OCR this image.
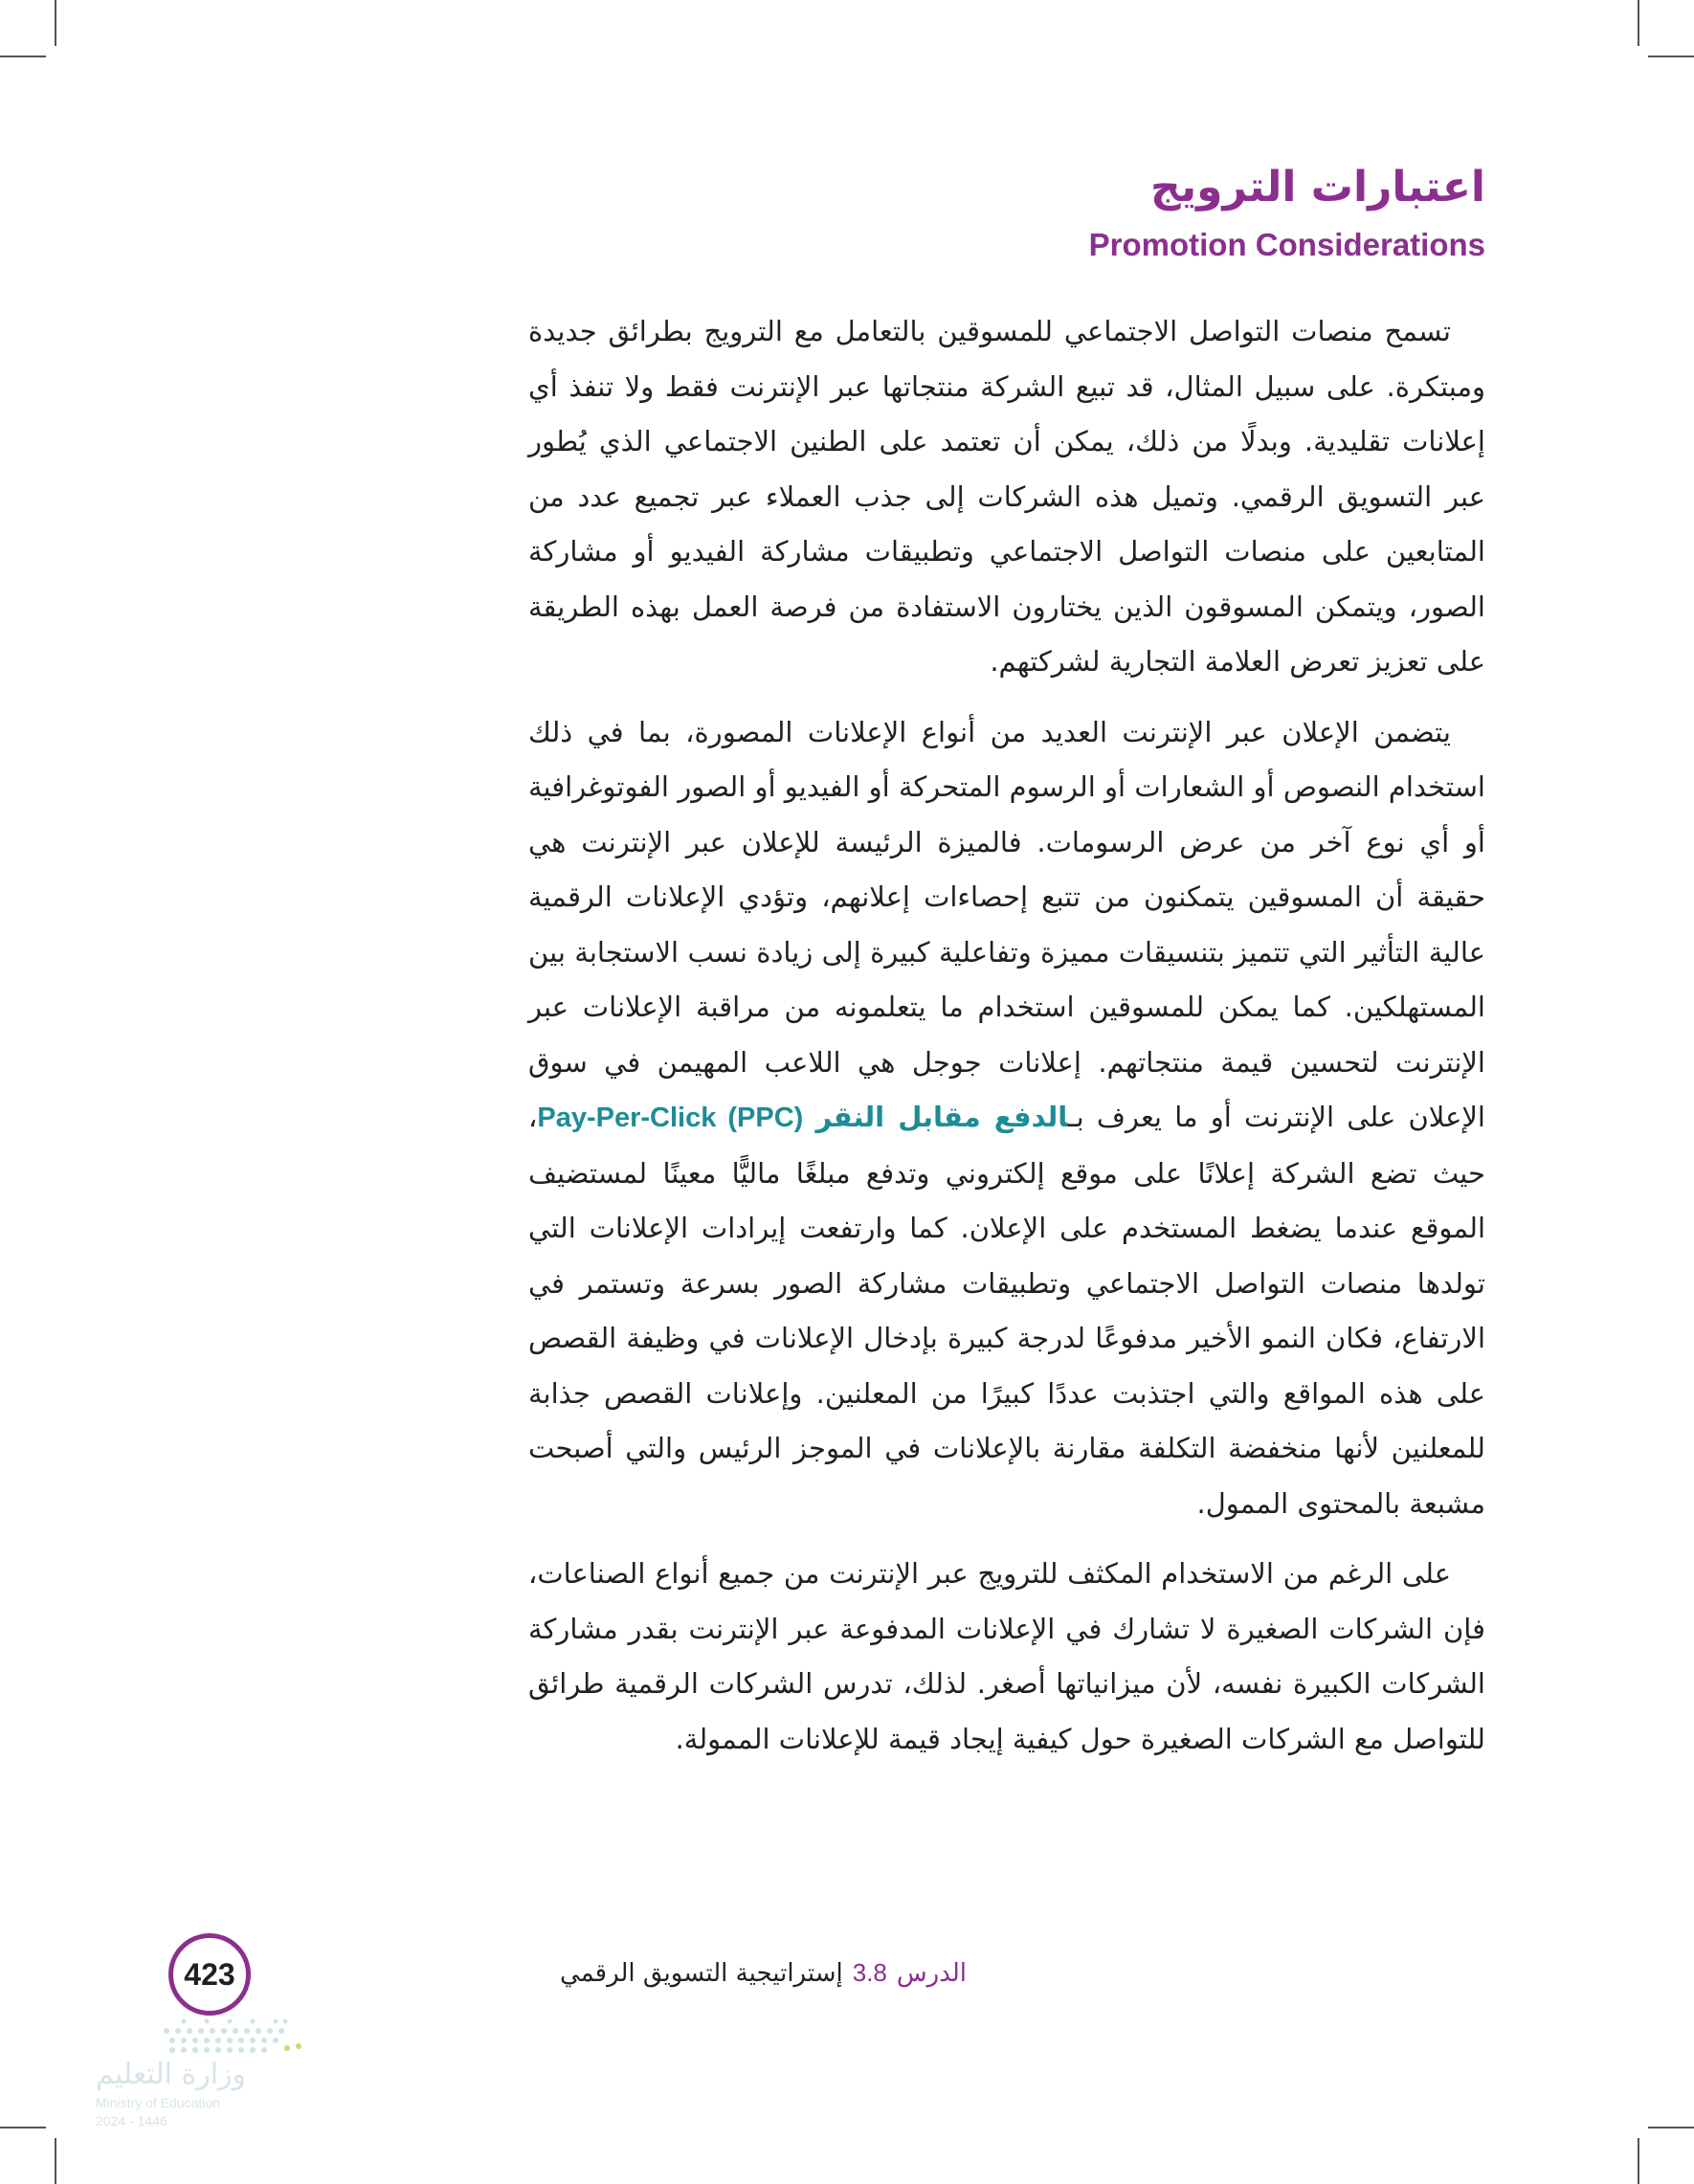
اعتبارات الترويج
Promotion Considerations

تسمح منصات التواصل الاجتماعي للمسوقين بالتعامل مع الترويج بطرائق جديدة ومبتكرة. على سبيل المثال، قد تبيع الشركة منتجاتها عبر الإنترنت فقط ولا تنفذ أي إعلانات تقليدية. وبدلًا من ذلك، يمكن أن تعتمد على الطنين الاجتماعي الذي يُطور عبر التسويق الرقمي. وتميل هذه الشركات إلى جذب العملاء عبر تجميع عدد من المتابعين على منصات التواصل الاجتماعي وتطبيقات مشاركة الفيديو أو مشاركة الصور، ويتمكن المسوقون الذين يختارون الاستفادة من فرصة العمل بهذه الطريقة على تعزيز تعرض العلامة التجارية لشركتهم.

يتضمن الإعلان عبر الإنترنت العديد من أنواع الإعلانات المصورة، بما في ذلك استخدام النصوص أو الشعارات أو الرسوم المتحركة أو الفيديو أو الصور الفوتوغرافية أو أي نوع آخر من عرض الرسومات. فالميزة الرئيسة للإعلان عبر الإنترنت هي حقيقة أن المسوقين يتمكنون من تتبع إحصاءات إعلانهم، وتؤدي الإعلانات الرقمية عالية التأثير التي تتميز بتنسيقات مميزة وتفاعلية كبيرة إلى زيادة نسب الاستجابة بين المستهلكين. كما يمكن للمسوقين استخدام ما يتعلمونه من مراقبة الإعلانات عبر الإنترنت لتحسين قيمة منتجاتهم. إعلانات جوجل هي اللاعب المهيمن في سوق الإعلان على الإنترنت أو ما يعرف بـالدفع مقابل النقر Pay-Per-Click (PPC)، حيث تضع الشركة إعلانًا على موقع إلكتروني وتدفع مبلغًا ماليًّا معينًا لمستضيف الموقع عندما يضغط المستخدم على الإعلان. كما وارتفعت إيرادات الإعلانات التي تولدها منصات التواصل الاجتماعي وتطبيقات مشاركة الصور بسرعة وتستمر في الارتفاع، فكان النمو الأخير مدفوعًا لدرجة كبيرة بإدخال الإعلانات في وظيفة القصص على هذه المواقع والتي اجتذبت عددًا كبيرًا من المعلنين. وإعلانات القصص جذابة للمعلنين لأنها منخفضة التكلفة مقارنة بالإعلانات في الموجز الرئيس والتي أصبحت مشبعة بالمحتوى الممول.

على الرغم من الاستخدام المكثف للترويج عبر الإنترنت من جميع أنواع الصناعات، فإن الشركات الصغيرة لا تشارك في الإعلانات المدفوعة عبر الإنترنت بقدر مشاركة الشركات الكبيرة نفسه، لأن ميزانياتها أصغر. لذلك، تدرس الشركات الرقمية طرائق للتواصل مع الشركات الصغيرة حول كيفية إيجاد قيمة للإعلانات الممولة.

الدرس3.8إستراتيجية التسويق الرقمي
423
وزارة التعليم
Ministry of Education
2024 - 1446
